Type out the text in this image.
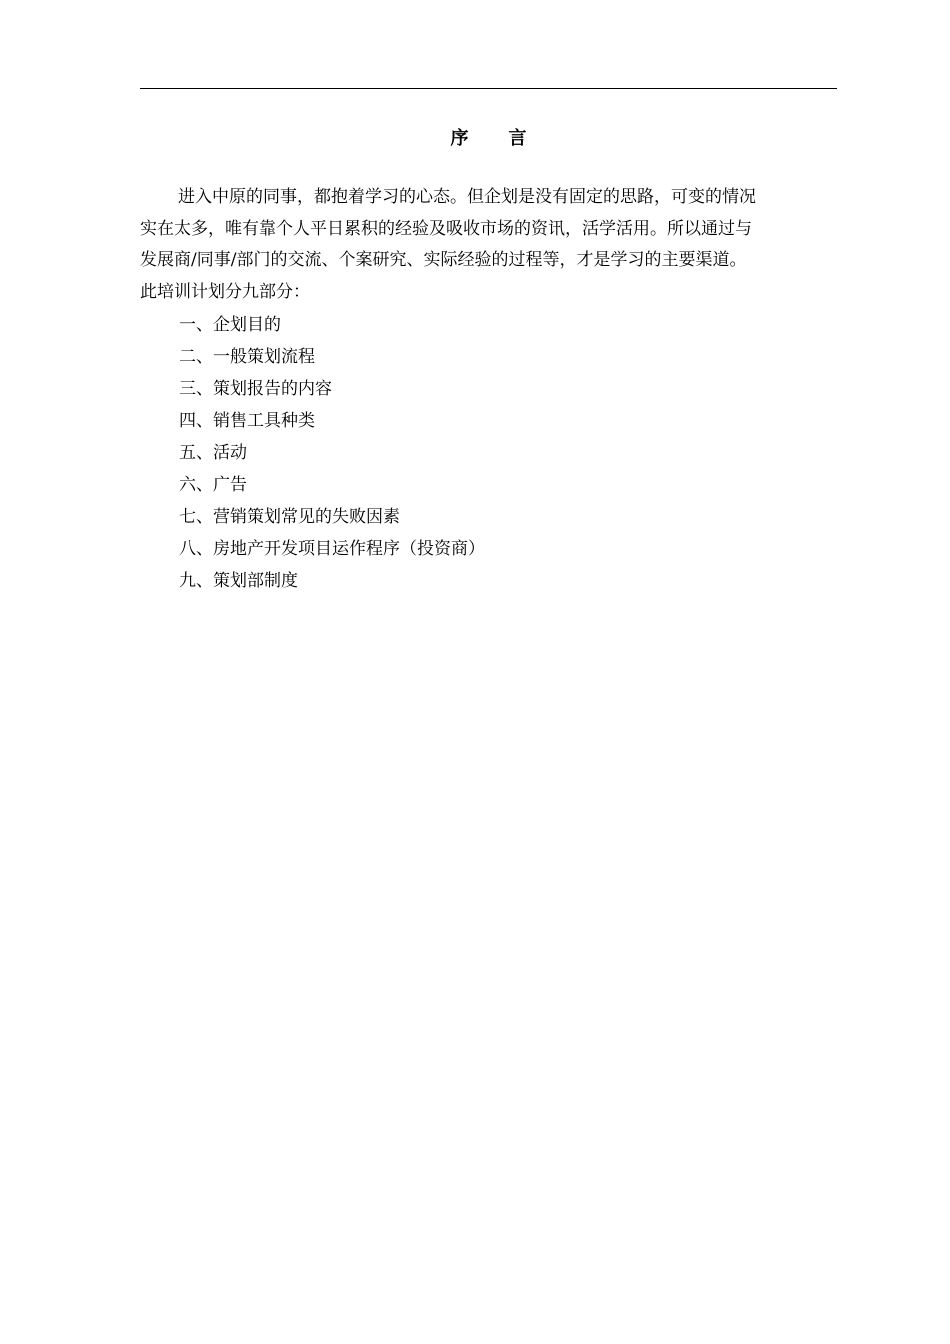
序 言

进入中原的同事，都抱着学习的心态。但企划是没有固定的思路，可变的情况
实在太多，唯有靠个人平日累积的经验及吸收市场的资讯，活学活用。所以通过与
发展商/同事/部门的交流、个案研究、实际经验的过程等，才是学习的主要渠道。
此培训计划分九部分：

一、企划目的
二、一般策划流程
三、策划报告的内容
四、销售工具种类
五、活动
六、广告
七、营销策划常见的失败因素
八、房地产开发项目运作程序（投资商）
九、策划部制度
